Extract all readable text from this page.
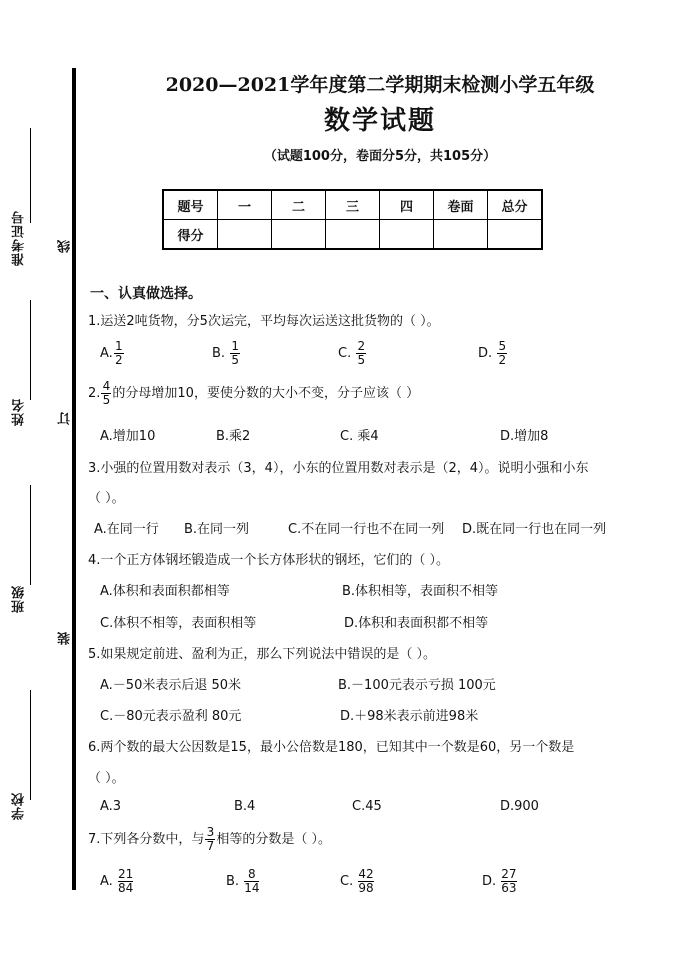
准考证号
姓名
班级
学校
线
订
装
2020—2021学年度第二学期期末检测小学五年级
数学试题
（试题100分，卷面分5分，共105分）
题号	一	二	三	四	卷面	总分
得分						
一、认真做选择。
1.运送2吨货物，分5次运完，平均每次运送这批货物的（ ）。
A. $\frac{1}{2}$	B. $\frac{1}{5}$	C. $\frac{2}{5}$	D. $\frac{5}{2}$
2. $\frac{4}{5}$ 的分母增加10，要使分数的大小不变，分子应该（ ）
A.增加10	B.乘2	C. 乘4	D.增加8
3.小强的位置用数对表示（3，4），小东的位置用数对表示是（2，4）。说明小强和小东
（ ）。
A.在同一行 B.在同一列	C.不在同一行也不在同一列 D.既在同一行也在同一列
4.一个正方体钢坯锻造成一个长方体形状的钢坯，它们的（ ）。
A.体积和表面积都相等	B.体积相等，表面积不相等
C.体积不相等，表面积相等	D.体积和表面积都不相等
5.如果规定前进、盈利为正，那么下列说法中错误的是（ ）。
A.－50米表示后退 50米	B.－100元表示亏损 100元
C.－80元表示盈利 80元	D.＋98米表示前进98米
6.两个数的最大公因数是15，最小公倍数是180，已知其中一个数是60，另一个数是
（ ）。
A.3	B.4	C.45	D.900
7.下列各分数中，与 $\frac{3}{7}$ 相等的分数是（ ）。
A. $\frac{21}{84}$	B. $\frac{8}{14}$	C. $\frac{42}{98}$	D. $\frac{27}{63}$
